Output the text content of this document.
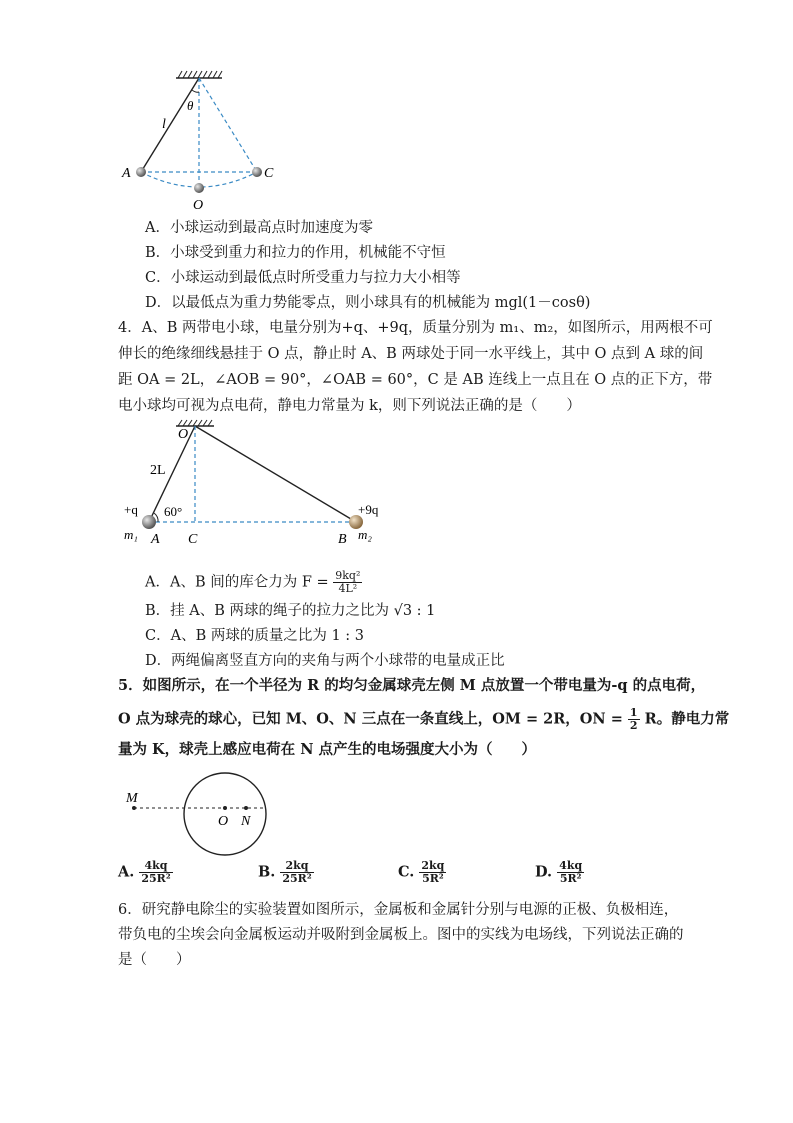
l
θ
A	C
O
A．小球运动到最高点时加速度为零
B．小球受到重力和拉力的作用，机械能不守恒
C．小球运动到最低点时所受重力与拉力大小相等
D．以最低点为重力势能零点，则小球具有的机械能为 mgl(1－cosθ)
4．A、B 两带电小球，电量分别为+q、+9q，质量分别为 m₁、m₂，如图所示，用两根不可
伸长的绝缘细线悬挂于 O 点，静止时 A、B 两球处于同一水平线上，其中 O 点到 A 球的间
距 OA = 2L，∠AOB = 90°，∠OAB = 60°，C 是 AB 连线上一点且在 O 点的正下方，带
电小球均可视为点电荷，静电力常量为 k，则下列说法正确的是（　　）
O
2L
60°
+q	+9q
m₁ A C	B m₂
A．A、B 间的库仑力为 $F = \frac{\text{9kq²}}{\text{4L²}}$
B．挂 A、B 两球的绳子的拉力之比为 √3 : 1
C．A、B 两球的质量之比为 1 : 3
D．两绳偏离竖直方向的夹角与两个小球带的电量成正比
5．如图所示，在一个半径为 R 的均匀金属球壳左侧 M 点放置一个带电量为-q 的点电荷，
O 点为球壳的球心，已知 M、O、N 三点在一条直线上，OM = 2R，ON = $\frac{1}{2}$ R。静电力常
量为 K，球壳上感应电荷在 N 点产生的电场强度大小为（　　）
M
O N
A. $\frac{4kq}{\text{25R²}}$	B. $\frac{2kq}{\text{25R²}}$	C. $\frac{2kq}{\text{5R²}}$	D. $\frac{4kq}{\text{5R²}}$
6．研究静电除尘的实验装置如图所示，金属板和金属针分别与电源的正极、负极相连，
带负电的尘埃会向金属板运动并吸附到金属板上。图中的实线为电场线，下列说法正确的
是（　　）
